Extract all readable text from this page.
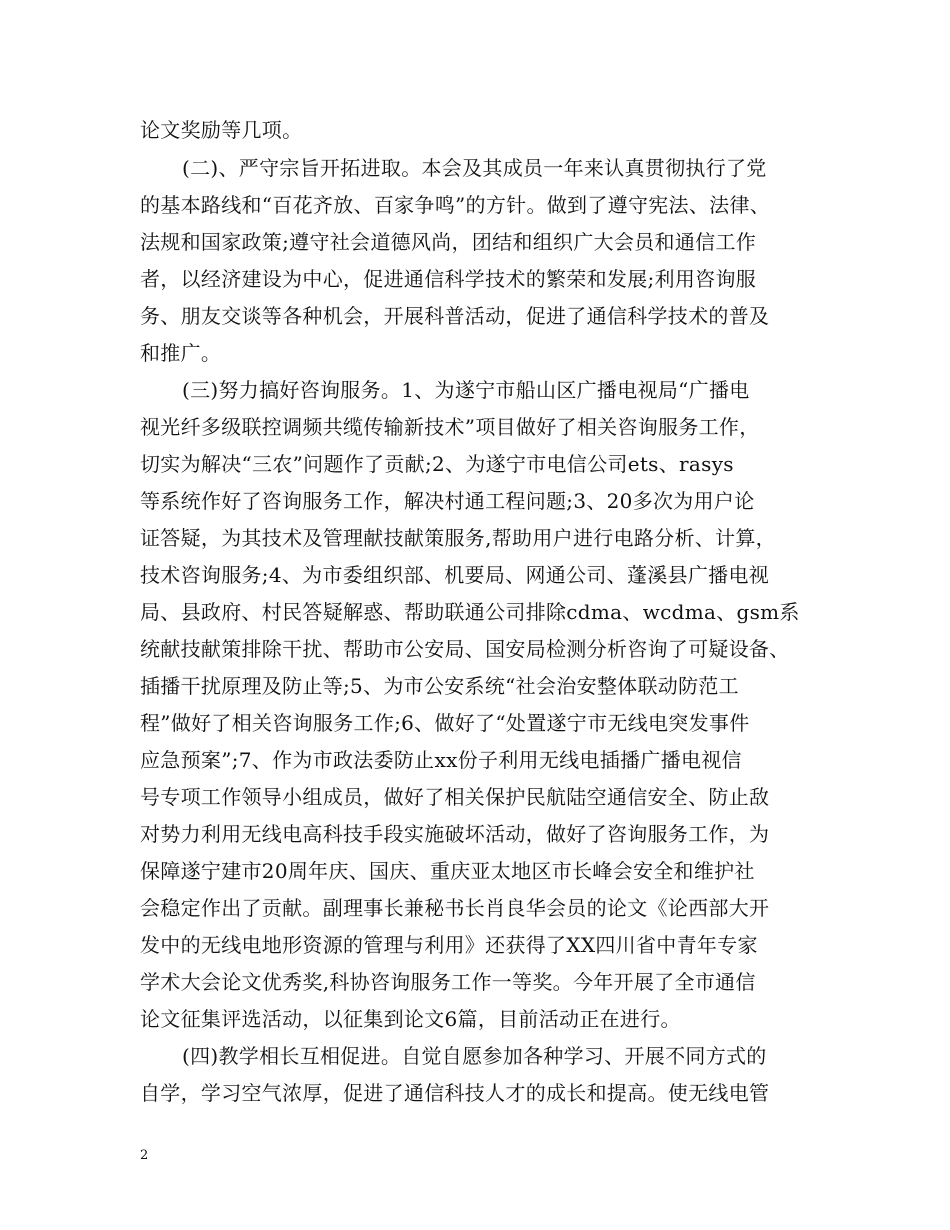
论文奖励等几项。
(二)、严守宗旨开拓进取。本会及其成员一年来认真贯彻执行了党
的基本路线和“百花齐放、百家争鸣”的方针。做到了遵守宪法、法律、
法规和国家政策;遵守社会道德风尚，团结和组织广大会员和通信工作
者，以经济建设为中心，促进通信科学技术的繁荣和发展;利用咨询服
务、朋友交谈等各种机会，开展科普活动，促进了通信科学技术的普及
和推广。
(三)努力搞好咨询服务。1、为遂宁市船山区广播电视局“广播电
视光纤多级联控调频共缆传输新技术”项目做好了相关咨询服务工作，
切实为解决“三农”问题作了贡献;2、为遂宁市电信公司ets、rasys
等系统作好了咨询服务工作，解决村通工程问题;3、20多次为用户论
证答疑，为其技术及管理献技献策服务,帮助用户进行电路分析、计算，
技术咨询服务;4、为市委组织部、机要局、网通公司、蓬溪县广播电视
局、县政府、村民答疑解惑、帮助联通公司排除cdma、wcdma、gsm系
统献技献策排除干扰、帮助市公安局、国安局检测分析咨询了可疑设备、
插播干扰原理及防止等;5、为市公安系统“社会治安整体联动防范工
程”做好了相关咨询服务工作;6、做好了“处置遂宁市无线电突发事件
应急预案”;7、作为市政法委防止xx份子利用无线电插播广播电视信
号专项工作领导小组成员，做好了相关保护民航陆空通信安全、防止敌
对势力利用无线电高科技手段实施破坏活动，做好了咨询服务工作，为
保障遂宁建市20周年庆、国庆、重庆亚太地区市长峰会安全和维护社
会稳定作出了贡献。副理事长兼秘书长肖良华会员的论文《论西部大开
发中的无线电地形资源的管理与利用》还获得了XX四川省中青年专家
学术大会论文优秀奖,科协咨询服务工作一等奖。今年开展了全市通信
论文征集评选活动，以征集到论文6篇，目前活动正在进行。
(四)教学相长互相促进。自觉自愿参加各种学习、开展不同方式的
自学，学习空气浓厚，促进了通信科技人才的成长和提高。使无线电管
2
